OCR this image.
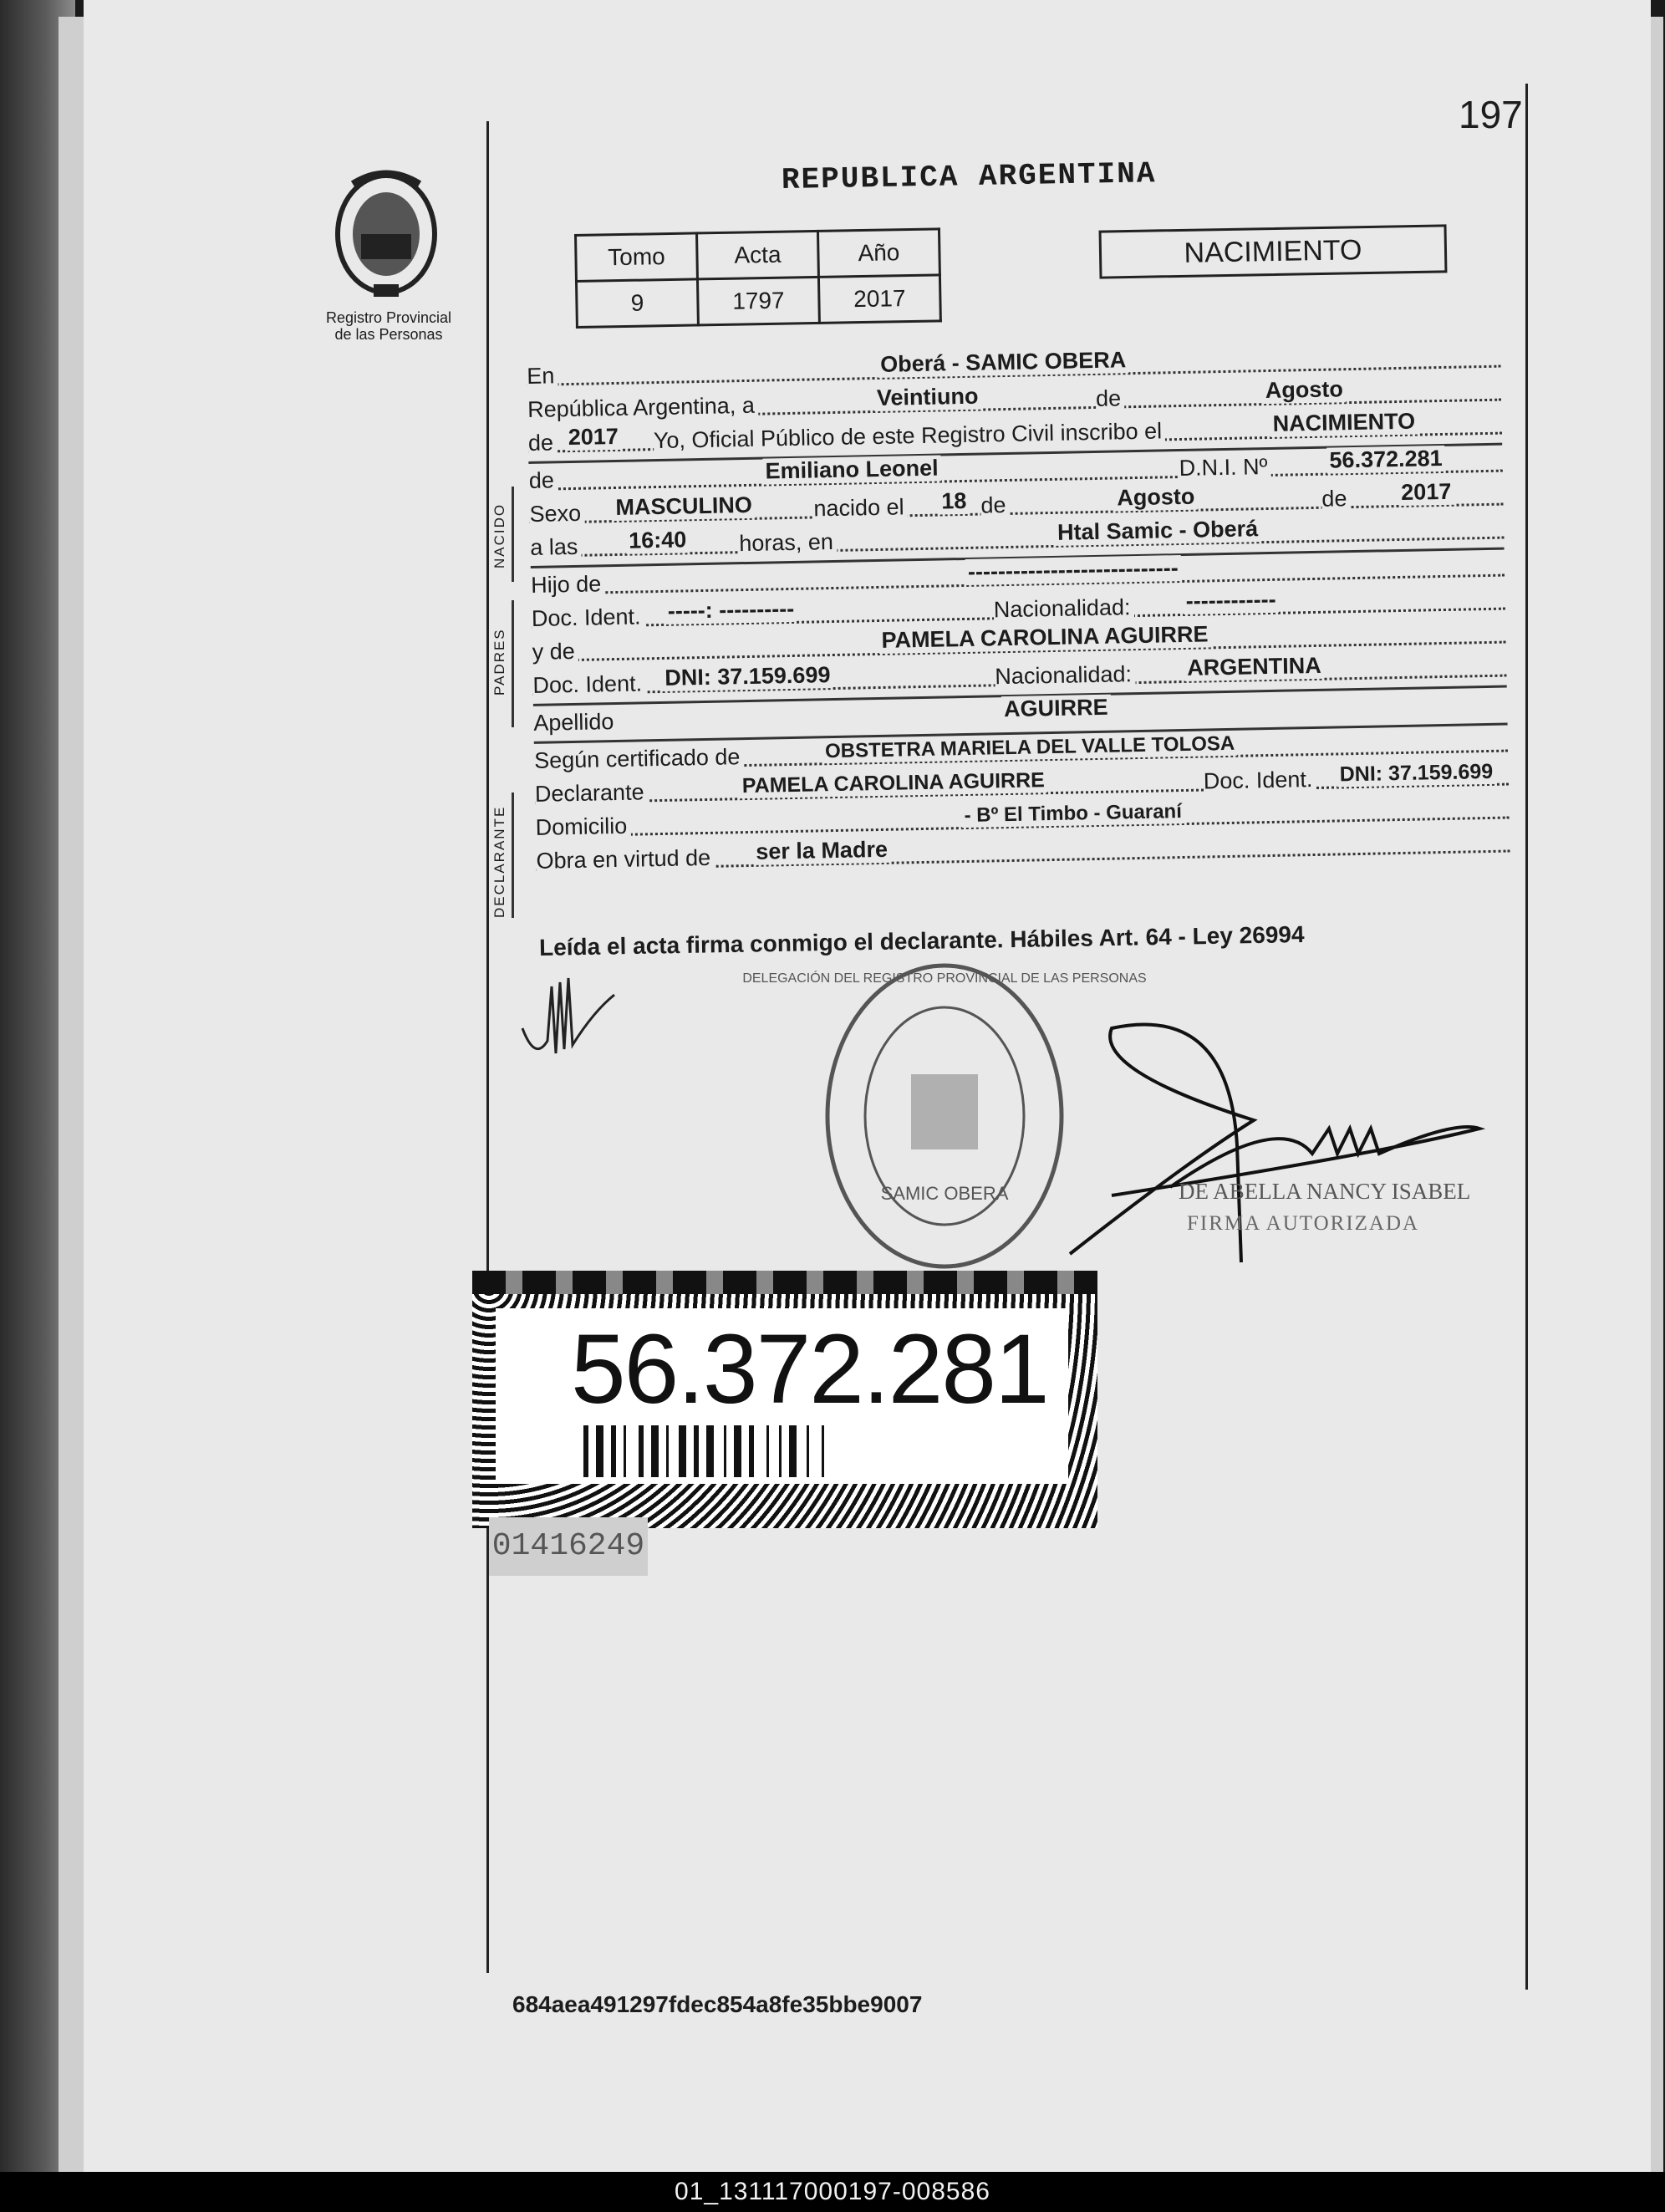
197
Registro Provincial
de las Personas
REPUBLICA ARGENTINA
Tomo	Acta	Año
9	1797	2017
NACIMIENTO
En	Oberá - SAMIC OBERA
República Argentina, a	Veintiuno	de	Agosto
de 2017 Yo, Oficial Público de este Registro Civil inscribo el	NACIMIENTO
de	Emiliano Leonel	D.N.I. Nº	56.372.281
Sexo MASCULINO	nacido el 18 de	Agosto	de 2017
a las 16:40 horas, en	Htal Samic - Oberá
Hijo de
----------------------------
Doc. Ident. -----: ----------	Nacionalidad: ------------
y de	PAMELA CAROLINA AGUIRRE
Doc. Ident. DNI: 37.159.699	Nacionalidad: ARGENTINA
Apellido
AGUIRRE
Según certificado de	OBSTETRA MARIELA DEL VALLE TOLOSA
Declarante	PAMELA CAROLINA AGUIRRE	Doc. Ident. DNI: 37.159.699
Domicilio	- Bº El Timbo - Guaraní
Obra en virtud de ser la Madre
NACIDO
PADRES
DECLARANTE
Leída el acta firma conmigo el declarante. Hábiles Art. 64 - Ley 26994
SAMIC OBERA
DELEGACIÓN DEL REGISTRO PROVINCIAL DE LAS PERSONAS
DE ABELLA NANCY ISABEL
FIRMA AUTORIZADA
56.372.281
01416249
684aea491297fdec854a8fe35bbe9007
01_131117000197-008586
